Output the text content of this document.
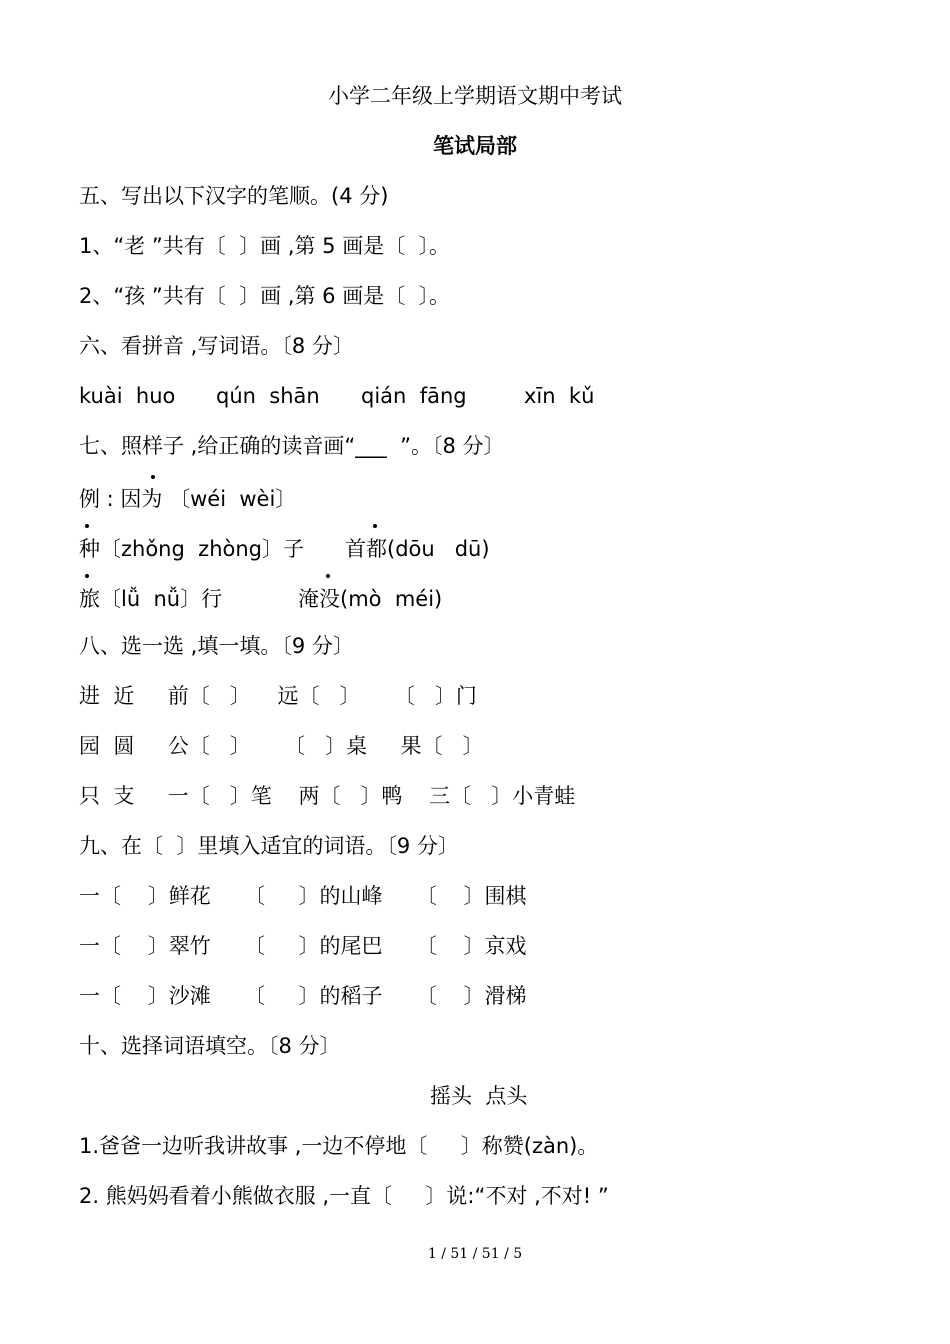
小学二年级上学期语文期中考试

笔试局部

五、写出以下汉字的笔顺。(4 分)

1、“老 ”共有〔  〕画 ,第 5 画是〔  〕。

2、“孩 ”共有〔  〕画 ,第 6 画是〔  〕。

六、看拼音 ,写词语。〔8 分〕

kuài  huo qún  shān qián  fāng	xīn  kǔ

七、照样子 ,给正确的读音画“___  ”。〔8 分〕

例 : 因为 〔wéi  wèi〕

种〔zhǒng  zhòng〕子 首都(dōu   dū)
旅〔lǚ  nǚ〕行	淹没(mò  méi)

八、选一选 ,填一填。〔9 分〕

进  近     前〔   〕    远〔   〕     〔   〕门

园  圆     公〔   〕     〔   〕桌     果〔   〕

只  支     一〔   〕笔    两〔   〕鸭    三〔   〕小青蛙

九、在〔  〕里填入适宜的词语。〔9 分〕

一〔    〕鲜花     〔     〕的山峰     〔    〕围棋

一〔    〕翠竹     〔     〕的尾巴     〔    〕京戏

一〔    〕沙滩     〔     〕的稻子     〔    〕滑梯

十、选择词语填空。〔8 分〕

摇头  点头

1.爸爸一边听我讲故事 ,一边不停地〔     〕称赞(zàn)。

2. 熊妈妈看着小熊做衣服 ,一直〔     〕说:“不对 ,不对! ”

1 / 51 / 51 / 5
